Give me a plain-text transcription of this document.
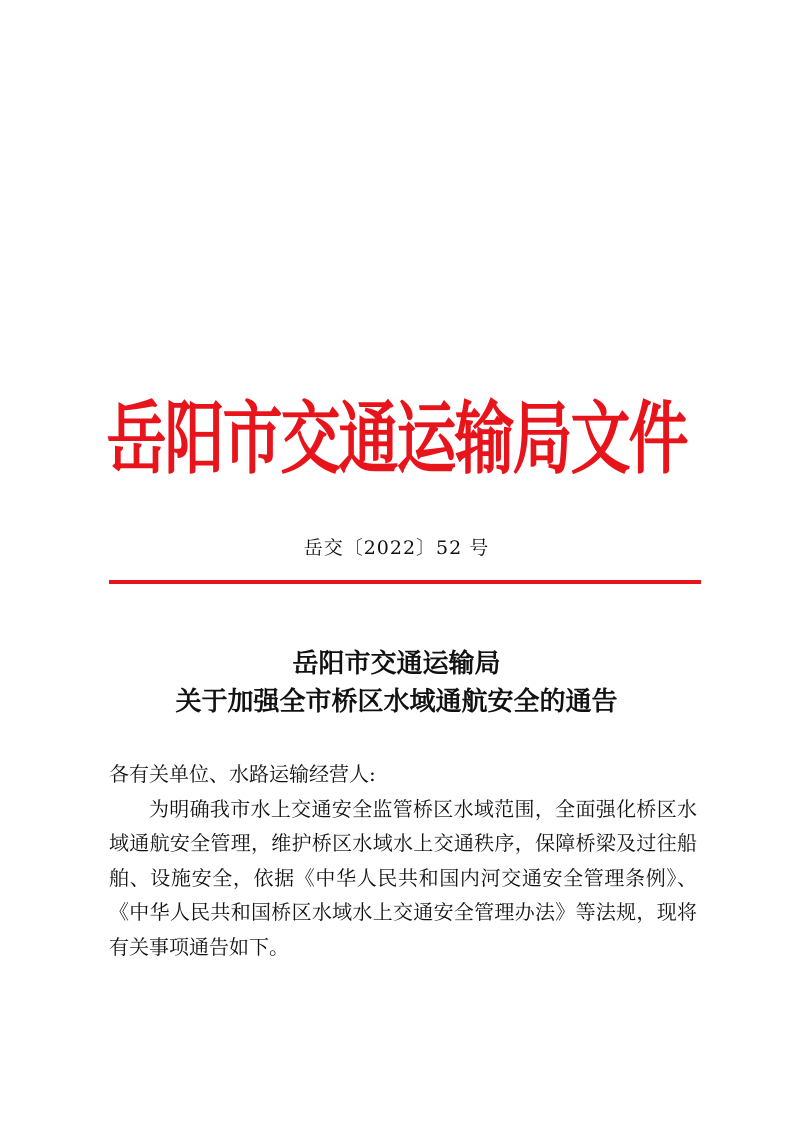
岳阳市交通运输局文件
岳交〔2022〕52 号
岳阳市交通运输局
关于加强全市桥区水域通航安全的通告

各有关单位、水路运输经营人:

为明确我市水上交通安全监管桥区水域范围，全面强化桥区水域通航安全管理，维护桥区水域水上交通秩序，保障桥梁及过往船舶、设施安全，依据《中华人民共和国内河交通安全管理条例》、《中华人民共和国桥区水域水上交通安全管理办法》等法规，现将有关事项通告如下。
